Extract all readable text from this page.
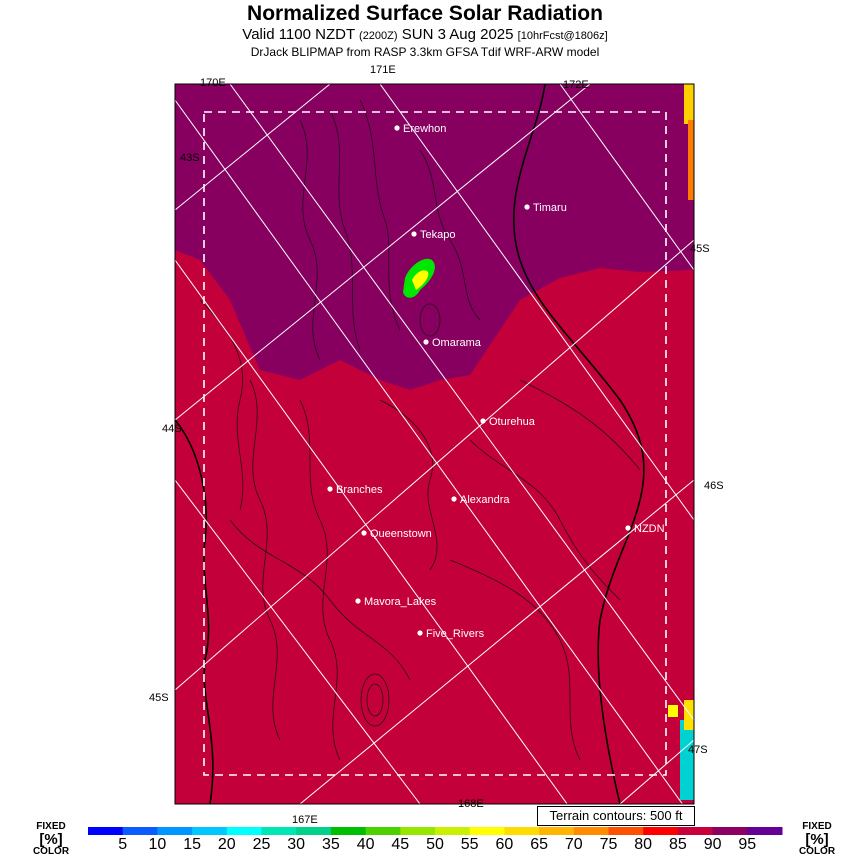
Normalized Surface Solar Radiation
Valid 1100 NZDT (2200Z) SUN 3 Aug 2025 [10hrFcst@1806z]
DrJack BLIPMAP from RASP 3.3km GFSA Tdif WRF-ARW model
170E
171E
172E
167E
168E
43S
44S
45S
45S
46S
47S
Erewhon
Timaru
Tekapo
Omarama
Oturehua
Branches
Alexandra
NZDN
Queenstown
Mavora_Lakes
Five_Rivers
Terrain contours: 500 ft
FIXED
[%]
COLOR
FIXED
[%]
COLOR
5	10	15	20	25	30	35	40	45	50	55	60	65	70	75	80	85	90	95
